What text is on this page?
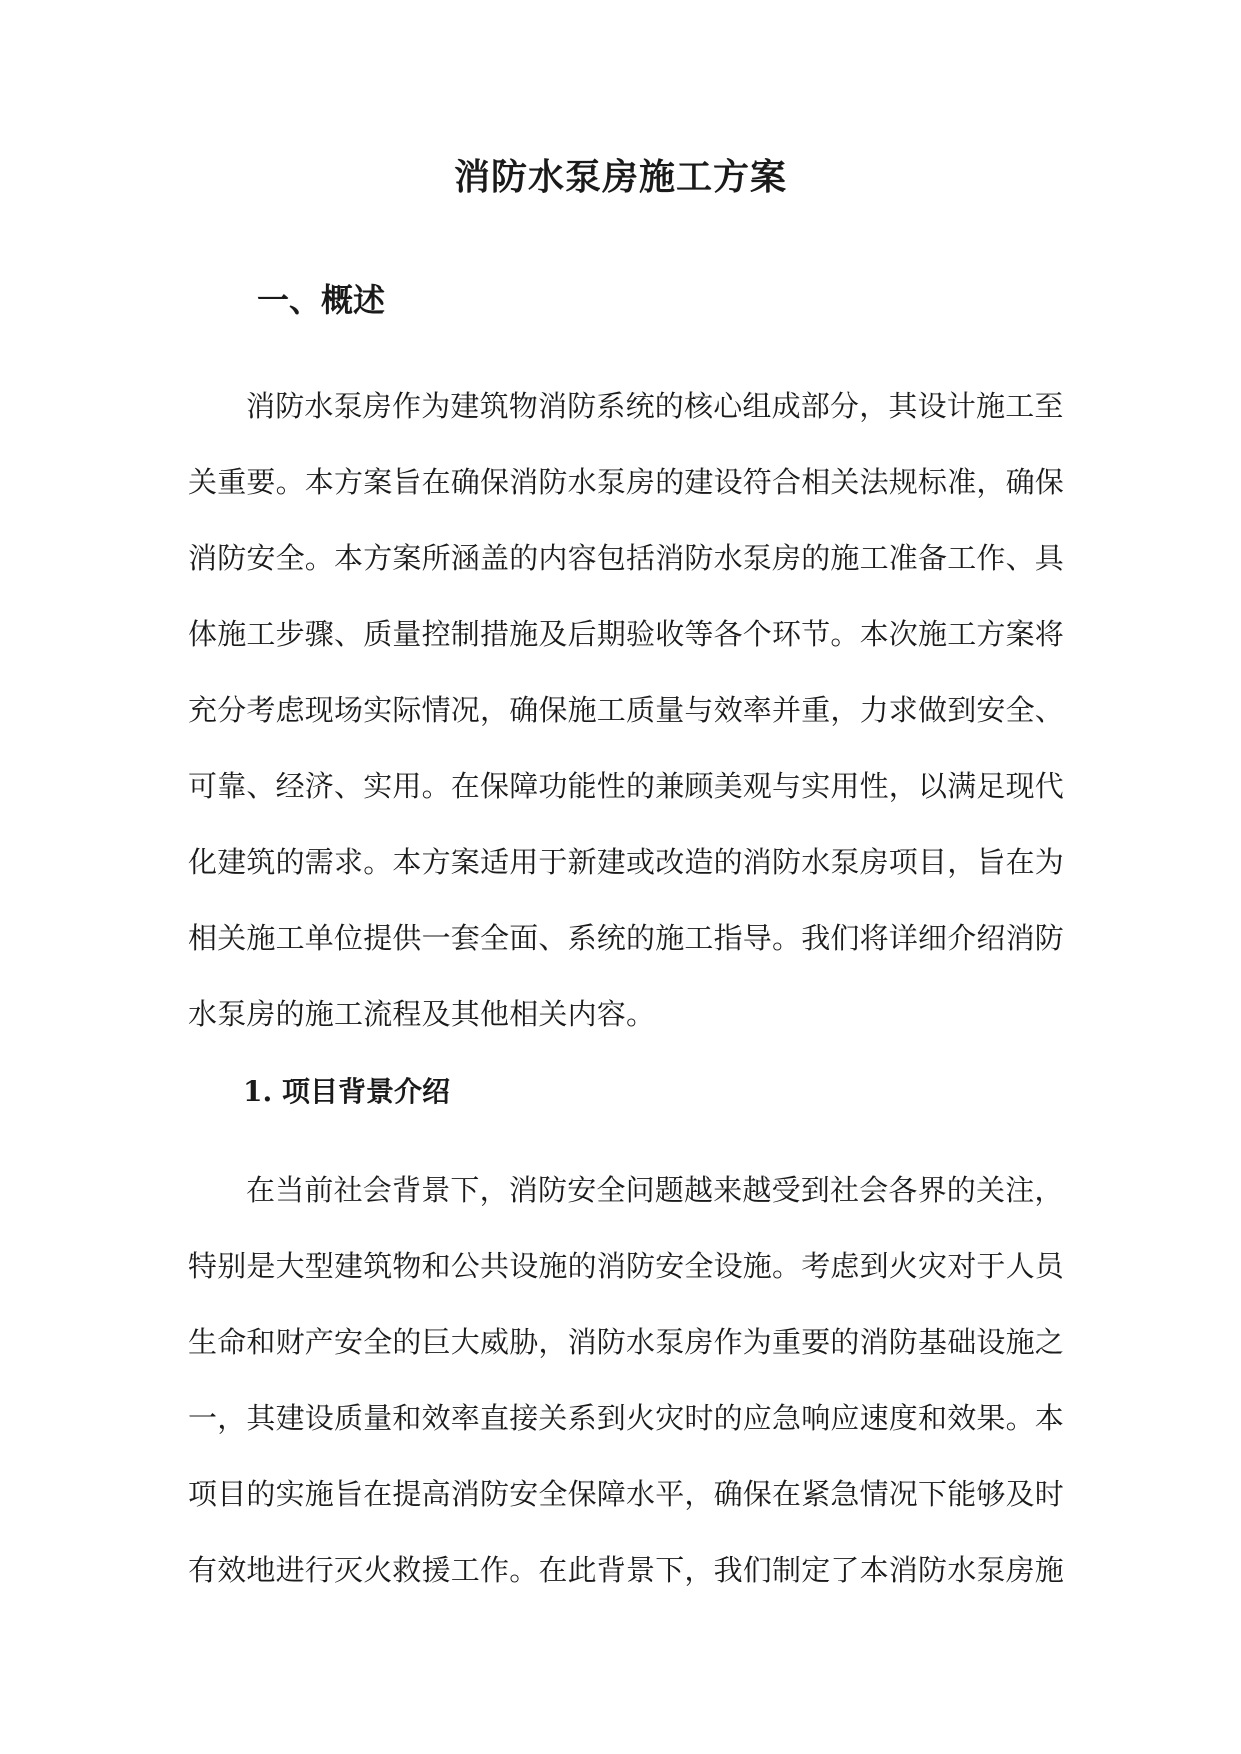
消防水泵房施工方案
一、概述
消防水泵房作为建筑物消防系统的核心组成部分，其设计施工至
关重要。本方案旨在确保消防水泵房的建设符合相关法规标准，确保
消防安全。本方案所涵盖的内容包括消防水泵房的施工准备工作、具
体施工步骤、质量控制措施及后期验收等各个环节。本次施工方案将
充分考虑现场实际情况，确保施工质量与效率并重，力求做到安全、
可靠、经济、实用。在保障功能性的兼顾美观与实用性，以满足现代
化建筑的需求。本方案适用于新建或改造的消防水泵房项目，旨在为
相关施工单位提供一套全面、系统的施工指导。我们将详细介绍消防
水泵房的施工流程及其他相关内容。
1. 项目背景介绍
在当前社会背景下，消防安全问题越来越受到社会各界的关注，
特别是大型建筑物和公共设施的消防安全设施。考虑到火灾对于人员
生命和财产安全的巨大威胁，消防水泵房作为重要的消防基础设施之
一，其建设质量和效率直接关系到火灾时的应急响应速度和效果。本
项目的实施旨在提高消防安全保障水平，确保在紧急情况下能够及时
有效地进行灭火救援工作。在此背景下，我们制定了本消防水泵房施
